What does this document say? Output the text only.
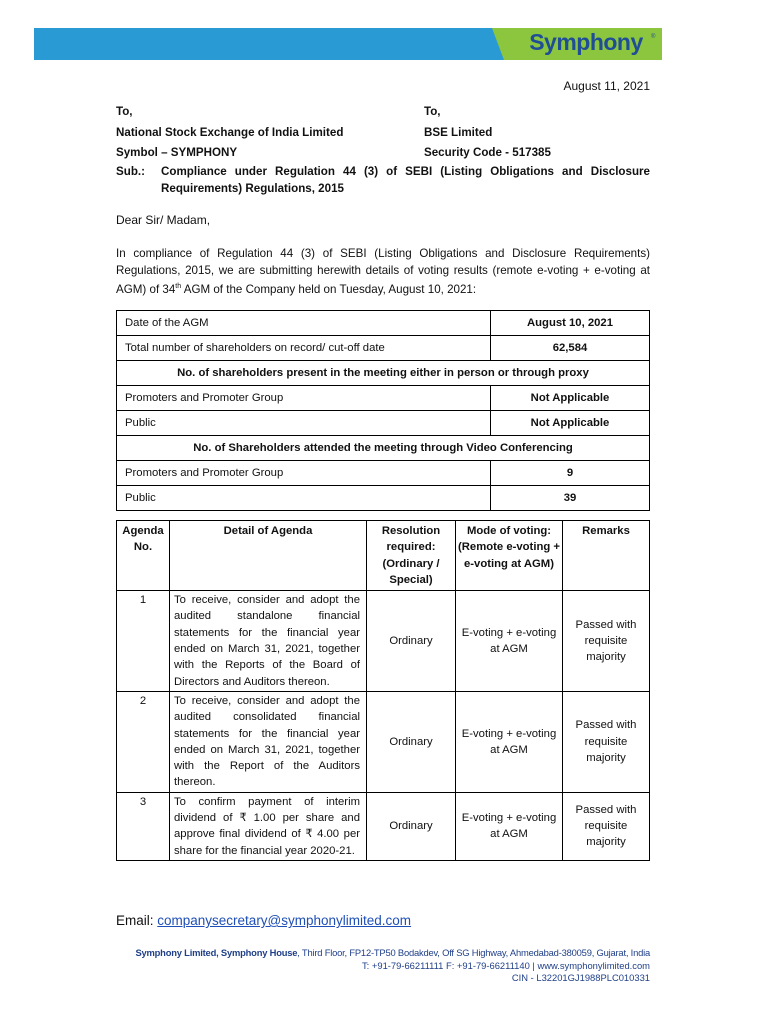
Symphony	®
August 11, 2021
To,
National Stock Exchange of India Limited
Symbol – SYMPHONY
To,
BSE Limited
Security Code - 517385
Sub.: Compliance under Regulation 44 (3) of SEBI (Listing Obligations and Disclosure Requirements) Regulations, 2015
Dear Sir/ Madam,
In compliance of Regulation 44 (3) of SEBI (Listing Obligations and Disclosure Requirements) Regulations, 2015, we are submitting herewith details of voting results (remote e-voting + e-voting at AGM) of 34th AGM of the Company held on Tuesday, August 10, 2021:
Date of the AGM	August 10, 2021
Total number of shareholders on record/ cut-off date	62,584
No. of shareholders present in the meeting either in person or through proxy	
Promoters and Promoter Group	Not Applicable
Public	Not Applicable
No. of Shareholders attended the meeting through Video Conferencing	
Promoters and Promoter Group	9
Public	39
Agenda No.	Detail of Agenda	Resolution required: (Ordinary / Special)	Mode of voting: (Remote e-voting + e-voting at AGM)	Remarks
1	To receive, consider and adopt the audited standalone financial statements for the financial year ended on March 31, 2021, together with the Reports of the Board of Directors and Auditors thereon.	Ordinary	E-voting + e-voting at AGM	Passed with requisite majority
2	To receive, consider and adopt the audited consolidated financial statements for the financial year ended on March 31, 2021, together with the Report of the Auditors thereon.	Ordinary	E-voting + e-voting at AGM	Passed with requisite majority
3	To confirm payment of interim dividend of ₹ 1.00 per share and approve final dividend of ₹ 4.00 per share for the financial year 2020-21.	Ordinary	E-voting + e-voting at AGM	Passed with requisite majority
Email: companysecretary@symphonylimited.com
Symphony Limited, Symphony House, Third Floor, FP12-TP50 Bodakdev, Off SG Highway, Ahmedabad-380059, Gujarat, India
T: +91-79-66211111 F: +91-79-66211140 | www.symphonylimited.com
CIN - L32201GJ1988PLC010331
